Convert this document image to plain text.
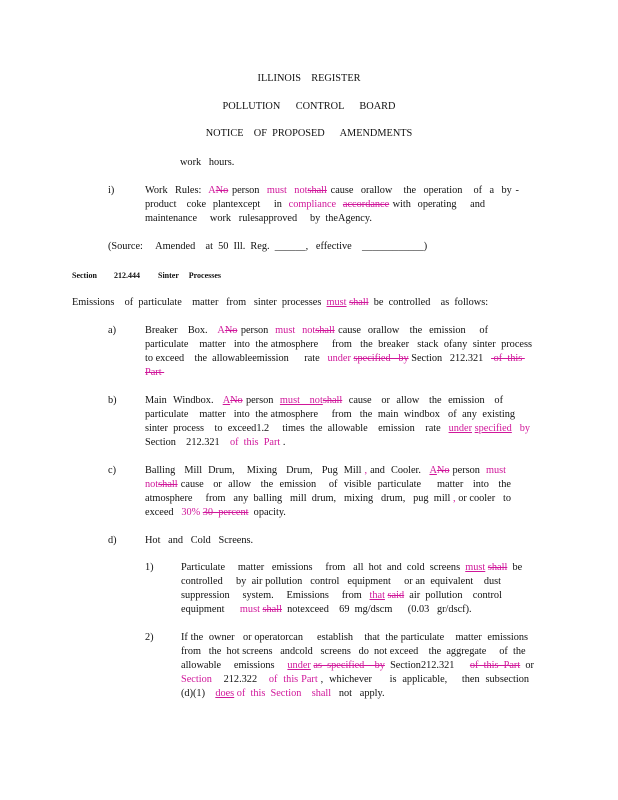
ILLINOIS    REGISTER
POLLUTION      CONTROL      BOARD
NOTICE    OF  PROPOSED      AMENDMENTS
work   hours.
i)	Work  Rules:  ANo person  must  notshall cause  orallow   the  operation   of  a  by -
product   coke  plantexcept    in  compliance accordance with  operating    and
maintenance     work   rulesapproved     by  theAgency.
(Source:     Amended    at  50  Ill.  Reg.  ______,   effective    ____________)
Section 212.444 Sinter     Processes
Emissions    of  particulate    matter   from   sinter  processes  must shall  be  controlled    as  follows:
a)	Breaker   Box.   ANo person  must  notshall cause  orallow   the  emission    of
particulate    matter   into  the atmosphere     from   the  breaker   stack  ofany  sinter  process
to exceed    the  allowableemission      rate   under specified   by Section   212.321    of  this
Part
b)	Main  Windbox.   ANo person  must   notshall  cause   or  allow   the  emission   of
particulate    matter   into  the atmosphere     from   the  main  windbox   of  any  existing
sinter  process    to  exceed1.2     times  the  allowable    emission    rate   under specified   by
Section    212.321    of  this  Part .
c)	Balling   Mill  Drum,    Mixing   Drum,   Pug  Mill , and  Cooler.   ANo person  must
notshall cause   or  allow   the  emission    of  visible  particulate     matter   into   the
atmosphere     from   any  balling   mill  drum,   mixing   drum,   pug  mill , or cooler   to
exceed   30% 30  percent  opacity.
d)	Hot   and   Cold   Screens.
1)	Particulate     matter   emissions     from   all  hot  and  cold  screens  must shall  be
controlled     by  air pollution   control   equipment     or an  equivalent    dust
suppression     system.     Emissions     from   that said  air  pollution    control
equipment      must shall  notexceed    69  mg/dscm      (0.03   gr/dscf).
2)	If the  owner   or operatorcan     establish    that  the particulate    matter  emissions
from   the  hot screens   andcold   screens   do  not exceed    the  aggregate     of  the
allowable     emissions     under as  specified    by  Section212.321      of  this  Part  or
Section    212.322    of  this Part ,  whichever      is  applicable,     then  subsection
(d)(1)    does of  this  Section    shall   not   apply.
